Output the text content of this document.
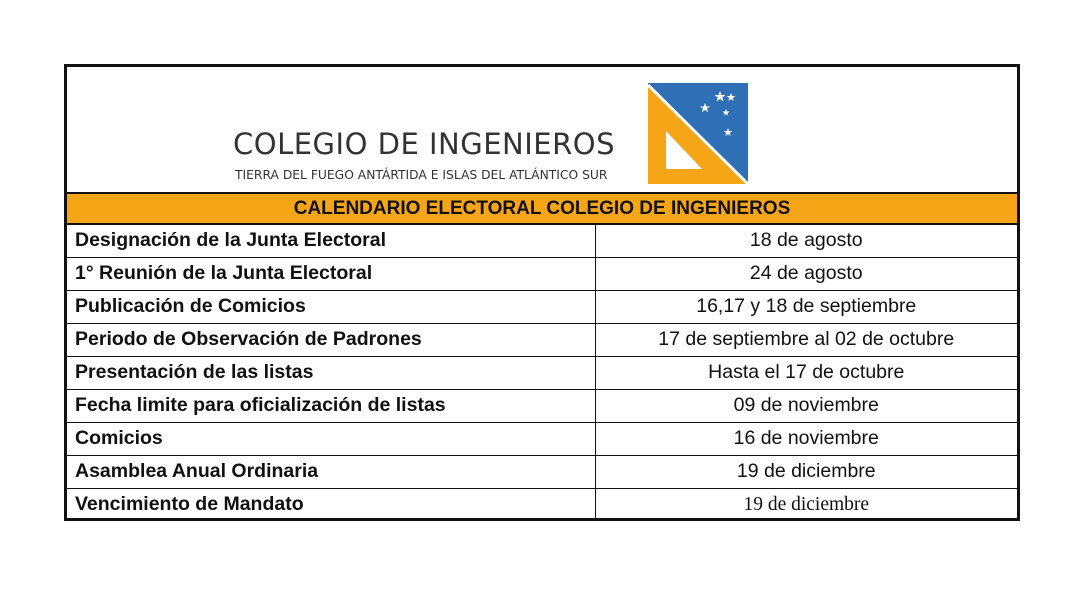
COLEGIO DE INGENIEROS
TIERRA DEL FUEGO ANTÁRTIDA E ISLAS DEL ATLÁNTICO SUR
CALENDARIO ELECTORAL COLEGIO DE INGENIEROS
Designación de la Junta Electoral	18 de agosto
1° Reunión de la Junta Electoral	24 de agosto
Publicación de Comicios	16,17 y 18 de septiembre
Periodo de Observación de Padrones	17 de septiembre al 02 de octubre
Presentación de las listas	Hasta el 17 de octubre
Fecha limite para oficialización de listas	09 de noviembre
Comicios	16 de noviembre
Asamblea Anual Ordinaria	19 de diciembre
Vencimiento de Mandato	19 de diciembre
